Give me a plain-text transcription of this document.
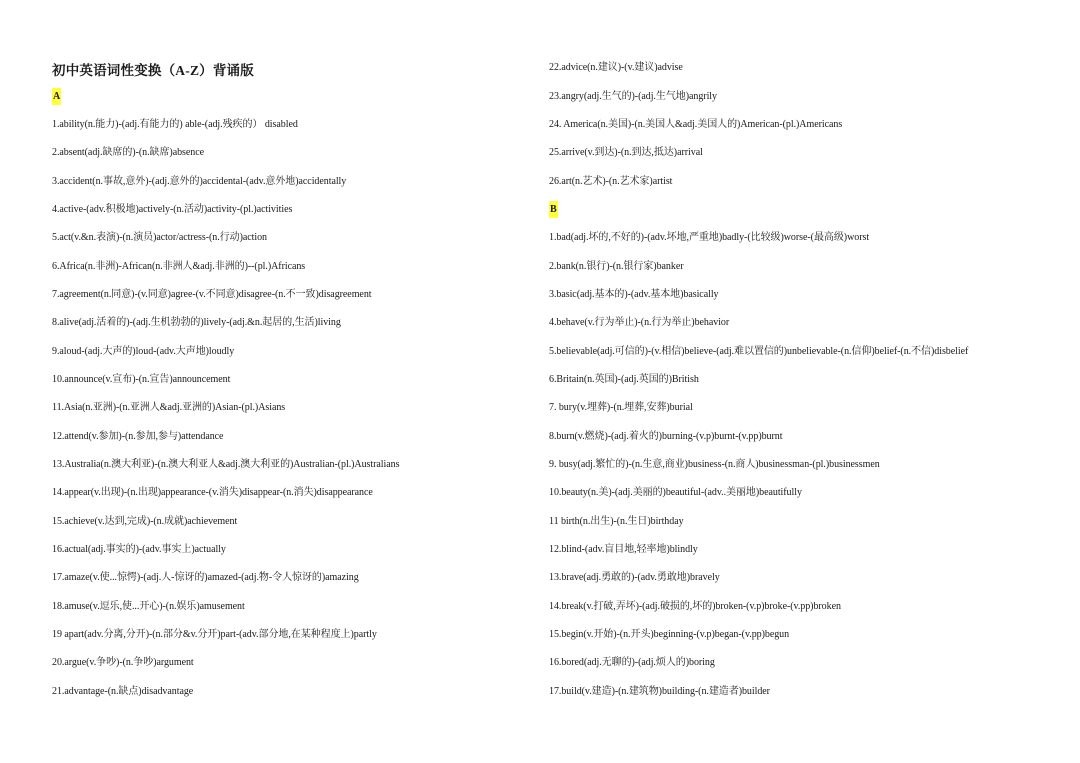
初中英语词性变换（A-Z）背诵版
A
1.ability(n.能力)-(adj.有能力的) able-(adj.残疾的） disabled
2.absent(adj.缺席的)-(n.缺席)absence
3.accident(n.事故,意外)-(adj.意外的)accidental-(adv.意外地)accidentally
4.active-(adv.积极地)actively-(n.活动)activity-(pl.)activities
5.act(v.&n.表演)-(n.演员)actor/actress-(n.行动)action
6.Africa(n.非洲)-African(n.非洲人&adj.非洲的)--(pl.)Africans
7.agreement(n.同意)-(v.同意)agree-(v.不同意)disagree-(n.不一致)disagreement
8.alive(adj.活着的)-(adj.生机勃勃的)lively-(adj.&n.起居的,生活)living
9.aloud-(adj.大声的)loud-(adv.大声地)loudly
10.announce(v.宣布)-(n.宣告)announcement
11.Asia(n.亚洲)-(n.亚洲人&adj.亚洲的)Asian-(pl.)Asians
12.attend(v.参加)-(n.参加,参与)attendance
13.Australia(n.澳大利亚)-(n.澳大利亚人&adj.澳大利亚的)Australian-(pl.)Australians
14.appear(v.出现)-(n.出现)appearance-(v.消失)disappear-(n.消失)disappearance
15.achieve(v.达到,完成)-(n.成就)achievement
16.actual(adj.事实的)-(adv.事实上)actually
17.amaze(v.使...惊愕)-(adj.人-惊讶的)amazed-(adj.物-令人惊讶的)amazing
18.amuse(v.逗乐,使...开心)-(n.娱乐)amusement
19 apart(adv.分离,分开)-(n.部分&v.分开)part-(adv.部分地,在某种程度上)partly
20.argue(v.争吵)-(n.争吵)argument
21.advantage-(n.缺点)disadvantage
22.advice(n.建议)-(v.建议)advise
23.angry(adj.生气的)-(adj.生气地)angrily
24. America(n.美国)-(n.美国人&adj.美国人的)American-(pl.)Americans
25.arrive(v.到达)-(n.到达,抵达)arrival
26.art(n.艺术)-(n.艺术家)artist
B
1.bad(adj.坏的,不好的)-(adv.坏地,严重地)badly-(比较级)worse-(最高级)worst
2.bank(n.银行)-(n.银行家)banker
3.basic(adj.基本的)-(adv.基本地)basically
4.behave(v.行为举止)-(n.行为举止)behavior
5.believable(adj.可信的)-(v.相信)believe-(adj.难以置信的)unbelievable-(n.信仰)belief-(n.不信)disbelief
6.Britain(n.英国)-(adj.英国的)British
7. bury(v.埋葬)-(n.埋葬,安葬)burial
8.burn(v.燃烧)-(adj.着火的)burning-(v.p)burnt-(v.pp)burnt
9. busy(adj.繁忙的)-(n.生意,商业)business-(n.商人)businessman-(pl.)businessmen
10.beauty(n.美)-(adj.美丽的)beautiful-(adv..美丽地)beautifully
11 birth(n.出生)-(n.生日)birthday
12.blind-(adv.盲目地,轻率地)blindly
13.brave(adj.勇敢的)-(adv.勇敢地)bravely
14.break(v.打破,弄坏)-(adj.破损的,坏的)broken-(v.p)broke-(v.pp)broken
15.begin(v.开始)-(n.开头)beginning-(v.p)began-(v.pp)begun
16.bored(adj.无聊的)-(adj.烦人的)boring
17.build(v.建造)-(n.建筑物)building-(n.建造者)builder
